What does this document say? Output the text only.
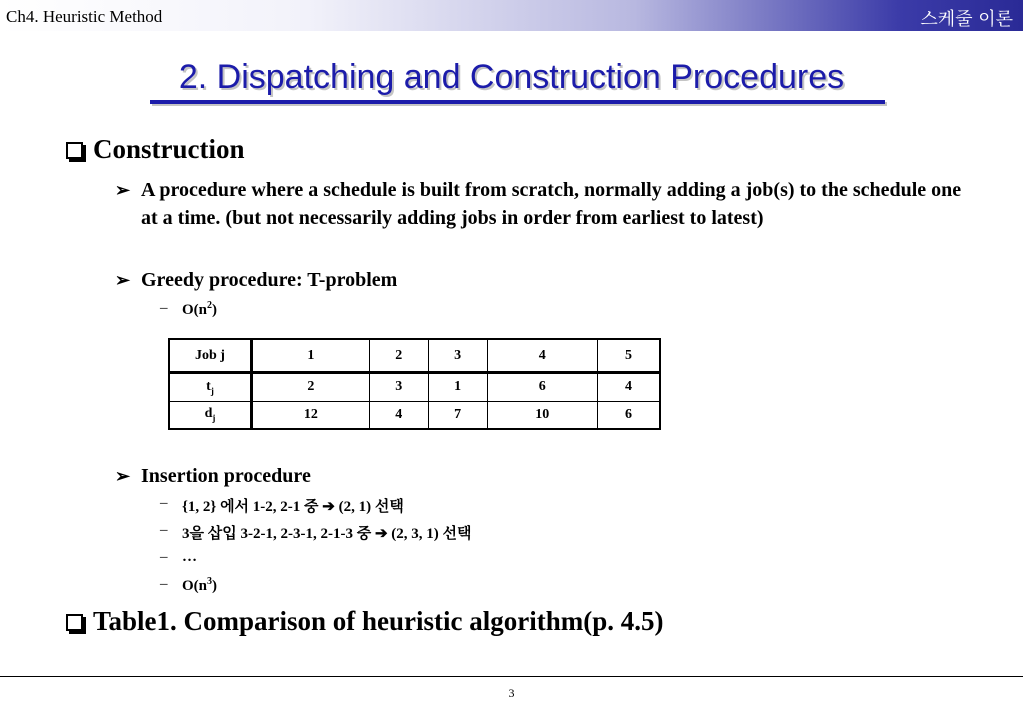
Ch4. Heuristic Method	스케줄 이론
2. Dispatching and Construction Procedures
Construction
➢ A procedure where a schedule is built from scratch, normally adding a job(s) to the schedule one at a time. (but not necessarily adding jobs in order from earliest to latest)
➢ Greedy procedure: T-problem
– $O(n^2)$
Job j	1	2	3	4	5
$t_j$	2	3	1	6	4
$d_j$	12	4	7	10	6
➢ Insertion procedure
– {1, 2} 에서 1-2, 2-1 중 ➔ (2, 1) 선택
– 3을 삽입 3-2-1, 2-3-1, 2-1-3 중 ➔ (2, 3, 1) 선택
– …
– $O(n^3)$
Table1. Comparison of heuristic algorithm(p. 4.5)
3
